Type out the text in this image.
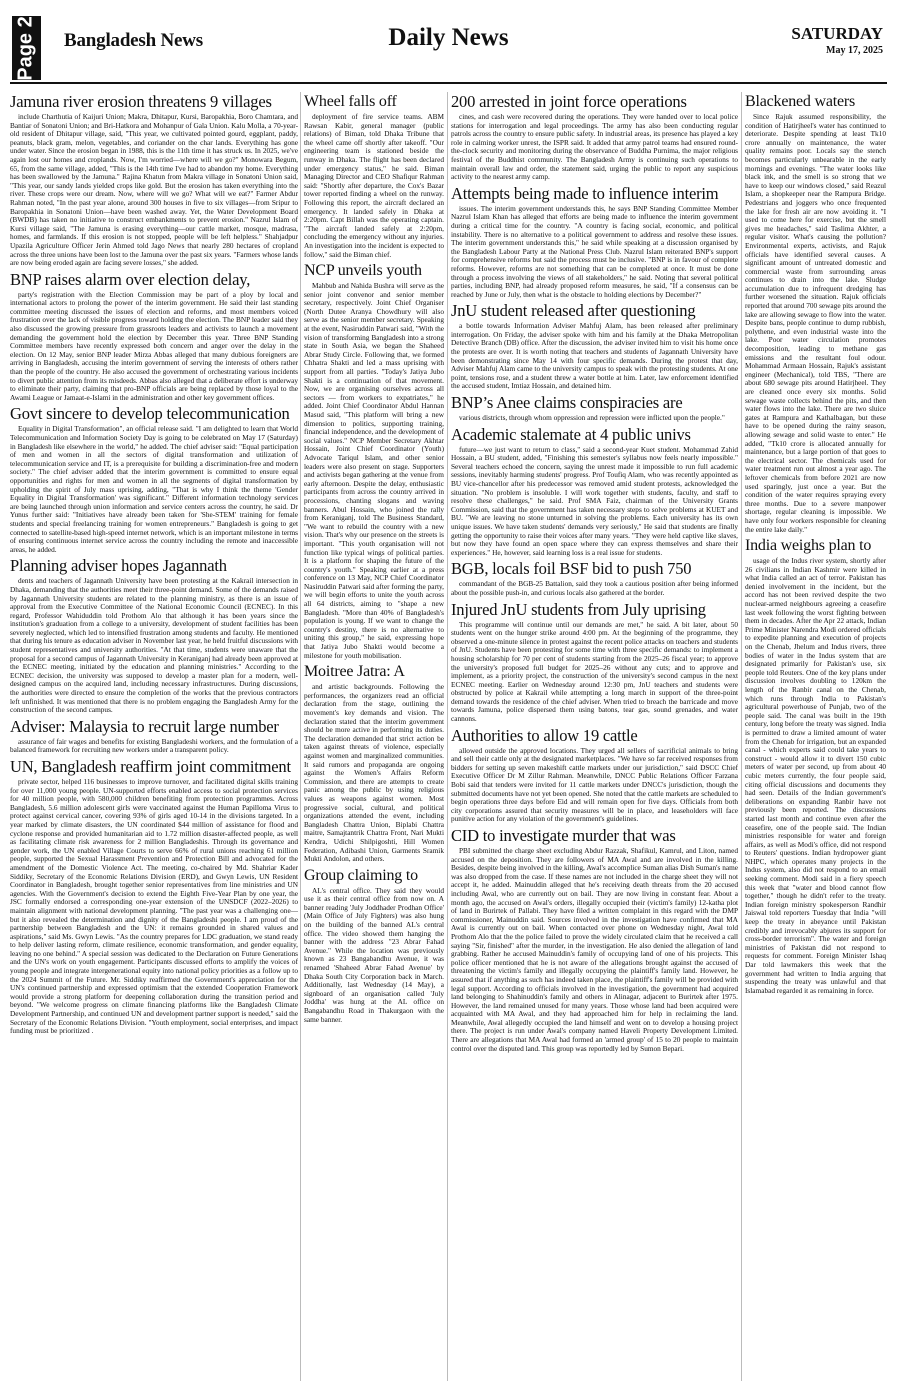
Page 2 Bangladesh News	Daily News	SATURDAY
May 17, 2025
Jamuna river erosion threatens 9 villages

include Charthutia of Kaijuri Union; Makra, Dhitapur, Kursi, Baropakhia, Boro Chamtara, and Bantiar of Sonatoni Union; and Bri-Hatkora and Mohanpur of Gala Union. Kalu Molla, a 70-year-old resident of Dhitapur village, said, "This year, we cultivated pointed gourd, eggplant, paddy, peanuts, black gram, melon, vegetables, and coriander on the char lands. Everything has gone under water. Since the erosion began in 1988, this is the 11th time it has struck us. In 2025, we've again lost our homes and croplands. Now, I'm worried—where will we go?" Monowara Begum, 65, from the same village, added, "This is the 14th time I've had to abandon my home. Everything has been swallowed by the Jamuna." Rajina Khatun from Makra village in Sonatoni Union said, "This year, our sandy lands yielded crops like gold. But the erosion has taken everything into the river. These crops were our dream. Now, where will we go? What will we eat?" Farmer Abdur Rahman noted, "In the past year alone, around 300 houses in five to six villages—from Sripur to Baropakhia in Sonatoni Union—have been washed away. Yet, the Water Development Board (BWDB) has taken no initiative to construct embankments to prevent erosion." Nazrul Islam of Kursi village said, "The Jamuna is erasing everything—our cattle market, mosque, madrasa, homes, and farmlands. If this erosion is not stopped, people will be left helpless." Shahjadpur Upazila Agriculture Officer Jerin Ahmed told Jago News that nearly 280 hectares of cropland across the three unions have been lost to the Jamuna over the past six years. "Farmers whose lands are now being eroded again are facing severe losses," she added.

BNP raises alarm over election delay,

party's registration with the Election Commission may be part of a ploy by local and international actors to prolong the power of the interim government. He said their last standing committee meeting discussed the issues of election and reforms, and most members voiced frustration over the lack of visible progress toward holding the election. The BNP leader said they also discussed the growing pressure from grassroots leaders and activists to launch a movement demanding the government hold the election by December this year. Three BNP Standing Committee members have recently expressed both concern and anger over the delay in the election. On 12 May, senior BNP leader Mirza Abbas alleged that many dubious foreigners are arriving in Bangladesh, accusing the interim government of serving the interests of others rather than the people of the country. He also accused the government of orchestrating various incidents to divert public attention from its misdeeds. Abbas also alleged that a deliberate effort is underway to eliminate their party, claiming that pro-BNP officials are being replaced by those loyal to the Awami League or Jamaat-e-Islami in the administration and other key government offices.

Govt sincere to develop telecommunication

Equality in Digital Transformation", an official release said. "I am delighted to learn that World Telecommunication and Information Society Day is going to be celebrated on May 17 (Saturday) in Bangladesh like elsewhere in the world," he added. The chief adviser said: "Equal participation of men and women in all the sectors of digital transformation and utilization of telecommunication service and IT, is a prerequisite for building a discrimination-free and modern society." The chief adviser added that the interim government is committed to ensure equal opportunities and rights for men and women in all the segments of digital transformation by upholding the spirit of July mass uprising, adding, "That is why I think the theme 'Gender Equality in Digital Transformation' was significant." Different information technology services are being launched through union information and service centers across the country, he said. Dr Yunus further said: "Initiatives have already been taken for 'She-STEM' training for female students and special freelancing training for women entrepreneurs." Bangladesh is going to get connected to satellite-based high-speed internet network, which is an important milestone in terms of ensuring continuous internet service across the country including the remote and inaccessible areas, he added.

Planning adviser hopes Jagannath

dents and teachers of Jagannath University have been protesting at the Kakrail intersection in Dhaka, demanding that the authorities meet their three-point demand. Some of the demands raised by Jagannath University students are related to the planning ministry, as there is an issue of approval from the Executive Committee of the National Economic Council (ECNEC). In this regard, Professor Wahiduddin told Prothom Alo that although it has been years since the institution's graduation from a college to a university, development of student facilities has been severely neglected, which led to intensified frustration among students and faculty. He mentioned that during his tenure as education adviser in November last year, he held fruitful discussions with student representatives and university authorities. "At that time, students were unaware that the proposal for a second campus of Jagannath University in Keraniganj had already been approved at the ECNEC meeting, initiated by the education and planning ministries." According to the ECNEC decision, the university was supposed to develop a master plan for a modern, well-designed campus on the acquired land, including necessary infrastructures. During discussions, the authorities were directed to ensure the completion of the works that the previous contractors left unfinished. It was mentioned that there is no problem engaging the Bangladesh Army for the construction of the second campus.

Adviser: Malaysia to recruit large number

assurance of fair wages and benefits for existing Bangladeshi workers, and the formulation of a balanced framework for recruiting new workers under a transparent policy.

UN, Bangladesh reaffirm joint commitment

private sector, helped 116 businesses to improve turnover, and facilitated digital skills training for over 11,000 young people. UN-supported efforts enabled access to social protection services for 40 million people, with 580,000 children benefiting from protection programmes. Across Bangladesh, 5.6 million adolescent girls were vaccinated against the Human Papilloma Virus to protect against cervical cancer, covering 93% of girls aged 10-14 in the divisions targeted. In a year marked by climate disasters, the UN coordinated $44 million of assistance for flood and cyclone response and provided humanitarian aid to 1.72 million disaster-affected people, as well as facilitating climate risk awareness for 2 million Bangladeshis. Through its governance and gender work, the UN enabled Village Courts to serve 66% of rural unions reaching 61 million people, supported the Sexual Harassment Prevention and Protection Bill and advocated for the amendment of the Domestic Violence Act. The meeting, co-chaired by Md. Shahriar Kader Siddiky, Secretary of the Economic Relations Division (ERD), and Gwyn Lewis, UN Resident Coordinator in Bangladesh, brought together senior representatives from line ministries and UN agencies. With the Government's decision to extend the Eighth Five-Year Plan by one year, the JSC formally endorsed a corresponding one-year extension of the UNSDCF (2022–2026) to maintain alignment with national development planning. "The past year was a challenging one—but it also revealed the determination and dignity of the Bangladeshi people. I am proud of the partnership between Bangladesh and the UN: it remains grounded in shared values and aspirations," said Ms. Gwyn Lewis. "As the country prepares for LDC graduation, we stand ready to help deliver lasting reform, climate resilience, economic transformation, and gender equality, leaving no one behind." A special session was dedicated to the Declaration on Future Generations and the UN's work on youth engagement. Participants discussed efforts to amplify the voices of young people and integrate intergenerational equity into national policy priorities as a follow up to the 2024 Summit of the Future. Mr. Siddiky reaffirmed the Government's appreciation for the UN's continued partnership and expressed optimism that the extended Cooperation Framework would provide a strong platform for deepening collaboration during the transition period and beyond. "We welcome progress on climate financing platforms like the Bangladesh Climate Development Partnership, and continued UN and development partner support is needed," said the Secretary of the Economic Relations Division. "Youth employment, social enterprises, and impact funding must be prioritized .

Wheel falls off

deployment of fire service teams. ABM Rawsan Kabir, general manager (public relations) of Biman, told Dhaka Tribune that the wheel came off shortly after takeoff. "Our engineering team is stationed beside the runway in Dhaka. The flight has been declared under emergency status," he said. Biman Managing Director and CEO Shafiqur Rahman said: "Shortly after departure, the Cox's Bazar tower reported finding a wheel on the runway. Following this report, the aircraft declared an emergency. It landed safely in Dhaka at 2:20pm. Capt Billah was the operating captain. "The aircraft landed safely at 2:20pm, concluding the emergency without any injuries. An investigation into the incident is expected to follow," said the Biman chief.

NCP unveils youth

Mahbub and Nahida Bushra will serve as the senior joint convenor and senior member secretary, respectively. Joint Chief Organiser (North Dutee Aranya Chowdhury will also serve as the senior member secretary. Speaking at the event, Nasiruddin Patwari said, "With the vision of transforming Bangladesh into a strong state in South Asia, we began the Shaheed Abrar Study Circle. Following that, we formed Chhatra Shakti and led a mass uprising with support from all parties. "Today's Jatiya Jubo Shakti is a continuation of that movement. Now, we are organising ourselves across all sectors — from workers to expatriates," he added. Joint Chief Coordinator Abdul Hannan Masud said, "This platform will bring a new dimension to politics, supporting training, financial independence, and the development of social values." NCP Member Secretary Akhtar Hossain, Joint Chief Coordinator (Youth) Advocate Tariqul Islam, and other senior leaders were also present on stage. Supporters and activists began gathering at the venue from early afternoon. Despite the delay, enthusiastic participants from across the country arrived in processions, chanting slogans and waving banners. Abul Hossain, who joined the rally from Keraniganj, told The Business Standard, "We want to rebuild the country with a new vision. That's why our presence on the streets is important. "This youth organisation will not function like typical wings of political parties. It is a platform for shaping the future of the country's youth." Speaking earlier at a press conference on 13 May, NCP Chief Coordinator Nasiruddin Patwari said after forming the party, we will begin efforts to unite the youth across all 64 districts, aiming to "shape a new Bangladesh. "More than 40% of Bangladesh's population is young. If we want to change the country's destiny, there is no alternative to uniting this group," he said, expressing hope that Jatiya Jubo Shakti would become a milestone for youth mobilisation.

Moitree Jatra: A

and artistic backgrounds. Following the performances, the organizers read an official declaration from the stage, outlining the movement's key demands and vision. The declaration stated that the interim government should be more active in performing its duties. The declaration demanded that strict action be taken against threats of violence, especially against women and marginalized communities. It said rumors and propaganda are ongoing against the Women's Affairs Reform Commission, and there are attempts to create panic among the public by using religious values as weapons against women. Most progressive social, cultural, and political organizations attended the event, including Bangladesh Chattra Union, Biplabi Chattra maitre, Samajtantrik Chattra Front, Nari Mukti Kendra, Udichi Shilpigoshti, Hill Women Federation, Adibashi Union, Garments Sramik Mukti Andolon, and others.

Group claiming to

AL's central office. They said they would use it as their central office from now on. A banner reading 'July Joddhader Prodhan Office' (Main Office of July Fighters) was also hung on the building of the banned AL's central office. The video showed them hanging the banner with the address "23 Abrar Fahad Avenue." While the location was previously known as 23 Bangabandhu Avenue, it was renamed 'Shaheed Abrar Fahad Avenue' by Dhaka South City Corporation back in March. Additionally, last Wednesday (14 May), a signboard of an organisation called 'July Joddha' was hung at the AL office on Bangabandhu Road in Thakurgaon with the same banner.

200 arrested in joint force operations

cines, and cash were recovered during the operations. They were handed over to local police stations for interrogation and legal proceedings. The army has also been conducting regular patrols across the country to ensure public safety. In industrial areas, its presence has played a key role in calming worker unrest, the ISPR said. It added that army patrol teams had ensured round-the-clock security and monitoring during the observance of Buddha Purnima, the major religious festival of the Buddhist community. The Bangladesh Army is continuing such operations to maintain overall law and order, the statement said, urging the public to report any suspicious activity to the nearest army camp.

Attempts being made to influence interim

issues. The interim government understands this, he says BNP Standing Committee Member Nazrul Islam Khan has alleged that efforts are being made to influence the interim government during a critical time for the country. "A country is facing social, economic, and political instability. There is no alternative to a political government to address and resolve these issues. The interim government understands this," he said while speaking at a discussion organised by the Bangladesh Labour Party at the National Press Club. Nazrul Islam reiterated BNP's support for comprehensive reforms but said the process must be inclusive. "BNP is in favour of complete reforms. However, reforms are not something that can be completed at once. It must be done through a process involving the views of all stakeholders," he said. Noting that several political parties, including BNP, had already proposed reform measures, he said, "If a consensus can be reached by June or July, then what is the obstacle to holding elections by December?"

JnU student released after questioning

a bottle towards Information Adviser Mahfuj Alam, has been released after preliminary interrogation. On Friday, the adviser spoke with him and his family at the Dhaka Metropolitan Detective Branch (DB) office. After the discussion, the adviser invited him to visit his home once the protests are over. It is worth noting that teachers and students of Jagannath University have been demonstrating since May 14 with four specific demands. During the protest that day, Adviser Mahfuj Alam came to the university campus to speak with the protesting students. At one point, tensions rose, and a student threw a water bottle at him. Later, law enforcement identified the accused student, Imtiaz Hossain, and detained him.

BNP’s Anee claims conspiracies are

various districts, through whom oppression and repression were inflicted upon the people."

Academic stalemate at 4 public univs

future—we just want to return to class," said a second-year Kuet student. Mohammad Zahid Hossain, a BU student, added, "Finishing this semester's syllabus now feels nearly impossible." Several teachers echoed the concern, saying the unrest made it impossible to run full academic sessions, inevitably harming students' progress. Prof Toufiq Alam, who was recently appointed as BU vice-chancellor after his predecessor was removed amid student protests, acknowledged the situation. "No problem is insoluble. I will work together with students, faculty, and staff to resolve these challenges," he said. Prof SMA Faiz, chairman of the University Grants Commission, said that the government has taken necessary steps to solve problems at KUET and BU. "We are leaving no stone unturned in solving the problems. Each university has its own unique issues. We have taken students' demands very seriously," He said that students are finally getting the opportunity to raise their voices after many years. "They were held captive like slaves, but now they have found an open space where they can express themselves and share their experiences." He, however, said learning loss is a real issue for students.

BGB, locals foil BSF bid to push 750

commandant of the BGB-25 Battalion, said they took a cautious position after being informed about the possible push-in, and curious locals also gathered at the border.

Injured JnU students from July uprising

This programme will continue until our demands are met," he said. A bit later, about 50 students went on the hunger strike around 4:00 pm. At the beginning of the programme, they observed a one-minute silence in protest against the recent police attacks on teachers and students of JnU. Students have been protesting for some time with three specific demands: to implement a housing scholarship for 70 per cent of students starting from the 2025–26 fiscal year; to approve the university's proposed full budget for 2025–26 without any cuts; and to approve and implement, as a priority project, the construction of the university's second campus in the next ECNEC meeting. Earlier on Wednesday around 12:30 pm, JnU teachers and students were obstructed by police at Kakrail while attempting a long march in support of the three-point demand towards the residence of the chief adviser. When tried to breach the barricade and move towards Jamuna, police dispersed them using batons, tear gas, sound grenades, and water cannons.

Authorities to allow 19 cattle

allowed outside the approved locations. They urged all sellers of sacrificial animals to bring and sell their cattle only at the designated marketplaces. "We have so far received responses from bidders for setting up seven makeshift cattle markets under our jurisdiction," said DSCC Chief Executive Officer Dr M Zillur Rahman. Meanwhile, DNCC Public Relations Officer Farzana Bobi said that tenders were invited for 11 cattle markets under DNCC's jurisdiction, though the submitted documents have not yet been opened. She noted that the cattle markets are scheduled to begin operations three days before Eid and will remain open for five days. Officials from both city corporations assured that security measures will be in place, and leaseholders will face punitive action for any violation of the government's guidelines.

CID to investigate murder that was

PBI submitted the charge sheet excluding Abdur Razzak, Shafikul, Kamrul, and Liton, named accused on the deposition. They are followers of MA Awal and are involved in the killing. Besides, despite being involved in the killing, Awal's accomplice Suman alias Dish Suman's name was also dropped from the case. If these names are not included in the charge sheet they will not accept it, he added. Mainuddin alleged that he's receiving death threats from the 20 accused including Awal, who are currently out on bail. They are now living in constant fear. About a month ago, the accused on Awal's orders, illegally occupied their (victim's family) 12-katha plot of land in Burirtek of Pallabi. They have filed a written complaint in this regard with the DMP commissioner, Mainuddin said. Sources involved in the investigation have confirmed that MA Awal is currently out on bail. When contacted over phone on Wednesday night, Awal told Prothom Alo that the the police failed to prove the widely circulated claim that he received a call saying "Sir, finished" after the murder, in the investigation. He also denied the allegation of land grabbing. Rather he accused Mainuddin's family of occupying land of one of his projects. This police officer mentioned that he is not aware of the allegations brought against the accused of threatening the victim's family and illegally occupying the plaintiff's family land. However, he assured that if anything as such has indeed taken place, the plaintiff's family will be provided with legal support. According to officials involved in the investigation, the government had acquired land belonging to Shahinuddin's family and others in Alinagar, adjacent to Burirtek after 1975. However, the land remained unused for many years. Those whose land had been acquired were acquainted with MA Awal, and they had approached him for help in reclaiming the land. Meanwhile, Awal allegedly occupied the land himself and went on to develop a housing project there. The project is run under Awal's company named Haveli Property Development Limited. There are allegations that MA Awal had formed an 'armed group' of 15 to 20 people to maintain control over the disputed land. This group was reportedly led by Sumon Bepari.

Blackened waters

Since Rajuk assumed responsibility, the condition of Hatirjheel's water has continued to deteriorate. Despite spending at least Tk10 crore annually on maintenance, the water quality remains poor. Locals say the stench becomes particularly unbearable in the early mornings and evenings. "The water looks like black ink, and the smell is so strong that we have to keep our windows closed," said Reazul Islam, a shopkeeper near the Rampura Bridge. Pedestrians and joggers who once frequented the lake for fresh air are now avoiding it. "I used to come here for exercise, but the smell gives me headaches," said Taslima Akhter, a regular visitor. What's causing the pollution? Environmental experts, activists, and Rajuk officials have identified several causes. A significant amount of untreated domestic and commercial waste from surrounding areas continues to drain into the lake. Sludge accumulation due to infrequent dredging has further worsened the situation. Rajuk officials reported that around 700 sewage pits around the lake are allowing sewage to flow into the water. Despite bans, people continue to dump rubbish, polythene, and even industrial waste into the lake. Poor water circulation promotes decomposition, leading to methane gas emissions and the resultant foul odour. Mohammad Armaan Hossain, Rajuk's assistant engineer (Mechanical), told TBS, "There are about 680 sewage pits around Hatirjheel. They are cleaned once every six months. Solid sewage waste collects behind the pits, and then water flows into the lake. There are two sluice gates at Rampura and Kathalbagan, but these have to be opened during the rainy season, allowing sewage and solid waste to enter." He added, "Tk10 crore is allocated annually for maintenance, but a large portion of that goes to the electrical sector. The chemicals used for water treatment run out almost a year ago. The leftover chemicals from before 2021 are now used sparingly, just once a year. But the condition of the water requires spraying every three months. Due to a severe manpower shortage, regular cleaning is impossible. We have only four workers responsible for cleaning the entire lake daily."

India weighs plan to

usage of the Indus river system, shortly after 26 civilians in Indian Kashmir were killed in what India called an act of terror. Pakistan has denied involvement in the incident, but the accord has not been revived despite the two nuclear-armed neighbours agreeing a ceasefire last week following the worst fighting between them in decades. After the Apr 22 attack, Indian Prime Minister Narendra Modi ordered officials to expedite planning and execution of projects on the Chenab, Jhelum and Indus rivers, three bodies of water in the Indus system that are designated primarily for Pakistan's use, six people told Reuters. One of the key plans under discussion involves doubling to 120km the length of the Ranbir canal on the Chenab, which runs through India to Pakistan's agricultural powerhouse of Punjab, two of the people said. The canal was built in the 19th century, long before the treaty was signed. India is permitted to draw a limited amount of water from the Chenab for irrigation, but an expanded canal - which experts said could take years to construct - would allow it to divert 150 cubic meters of water per second, up from about 40 cubic meters currently, the four people said, citing official discussions and documents they had seen. Details of the Indian government's deliberations on expanding Ranbir have not previously been reported. The discussions started last month and continue even after the ceasefire, one of the people said. The Indian ministries responsible for water and foreign affairs, as well as Modi's office, did not respond to Reuters' questions. Indian hydropower giant NHPC, which operates many projects in the Indus system, also did not respond to an email seeking comment. Modi said in a fiery speech this week that "water and blood cannot flow together," though he didn't refer to the treaty. Indian foreign ministry spokesperson Randhir Jaiswal told reporters Tuesday that India "will keep the treaty in abeyance until Pakistan credibly and irrevocably abjures its support for cross-border terrorism". The water and foreign ministries of Pakistan did not respond to requests for comment. Foreign Minister Ishaq Dar told lawmakers this week that the government had written to India arguing that suspending the treaty was unlawful and that Islamabad regarded it as remaining in force.
